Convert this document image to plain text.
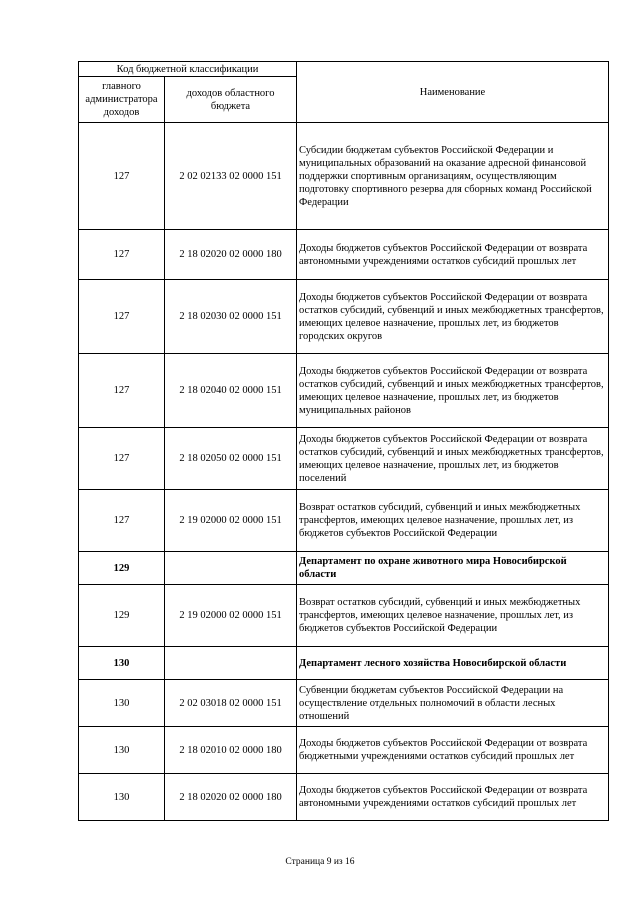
Код бюджетной классификации		Наименование
главного администратора доходов	доходов областного бюджета	
127	2 02 02133 02 0000 151	Субсидии бюджетам субъектов Российской Федерации и муниципальных образований на оказание адресной финансовой поддержки спортивным организациям, осуществляющим подготовку спортивного резерва для сборных команд Российской Федерации
127	2 18 02020 02 0000 180	Доходы бюджетов субъектов Российской Федерации от возврата автономными учреждениями остатков субсидий прошлых лет
127	2 18 02030 02 0000 151	Доходы бюджетов субъектов Российской Федерации от возврата остатков субсидий, субвенций и иных межбюджетных трансфертов, имеющих целевое назначение, прошлых лет, из бюджетов городских округов
127	2 18 02040 02 0000 151	Доходы бюджетов субъектов Российской Федерации от возврата остатков субсидий, субвенций и иных межбюджетных трансфертов, имеющих целевое назначение, прошлых лет, из бюджетов муниципальных районов
127	2 18 02050 02 0000 151	Доходы бюджетов субъектов Российской Федерации от возврата остатков субсидий, субвенций и иных межбюджетных трансфертов, имеющих целевое назначение, прошлых лет, из бюджетов поселений
127	2 19 02000 02 0000 151	Возврат остатков субсидий, субвенций и иных межбюджетных трансфертов, имеющих целевое назначение, прошлых лет, из бюджетов субъектов Российской Федерации
129		Департамент по охране животного мира Новосибирской области
129	2 19 02000 02 0000 151	Возврат остатков субсидий, субвенций и иных межбюджетных трансфертов, имеющих целевое назначение, прошлых лет, из бюджетов субъектов Российской Федерации
130		Департамент лесного хозяйства Новосибирской области
130	2 02 03018 02 0000 151	Субвенции бюджетам субъектов Российской Федерации на осуществление отдельных полномочий в области лесных отношений
130	2 18 02010 02 0000 180	Доходы бюджетов субъектов Российской Федерации от возврата бюджетными учреждениями остатков субсидий прошлых лет
130	2 18 02020 02 0000 180	Доходы бюджетов субъектов Российской Федерации от возврата автономными учреждениями остатков субсидий прошлых лет
Страница 9 из 16
